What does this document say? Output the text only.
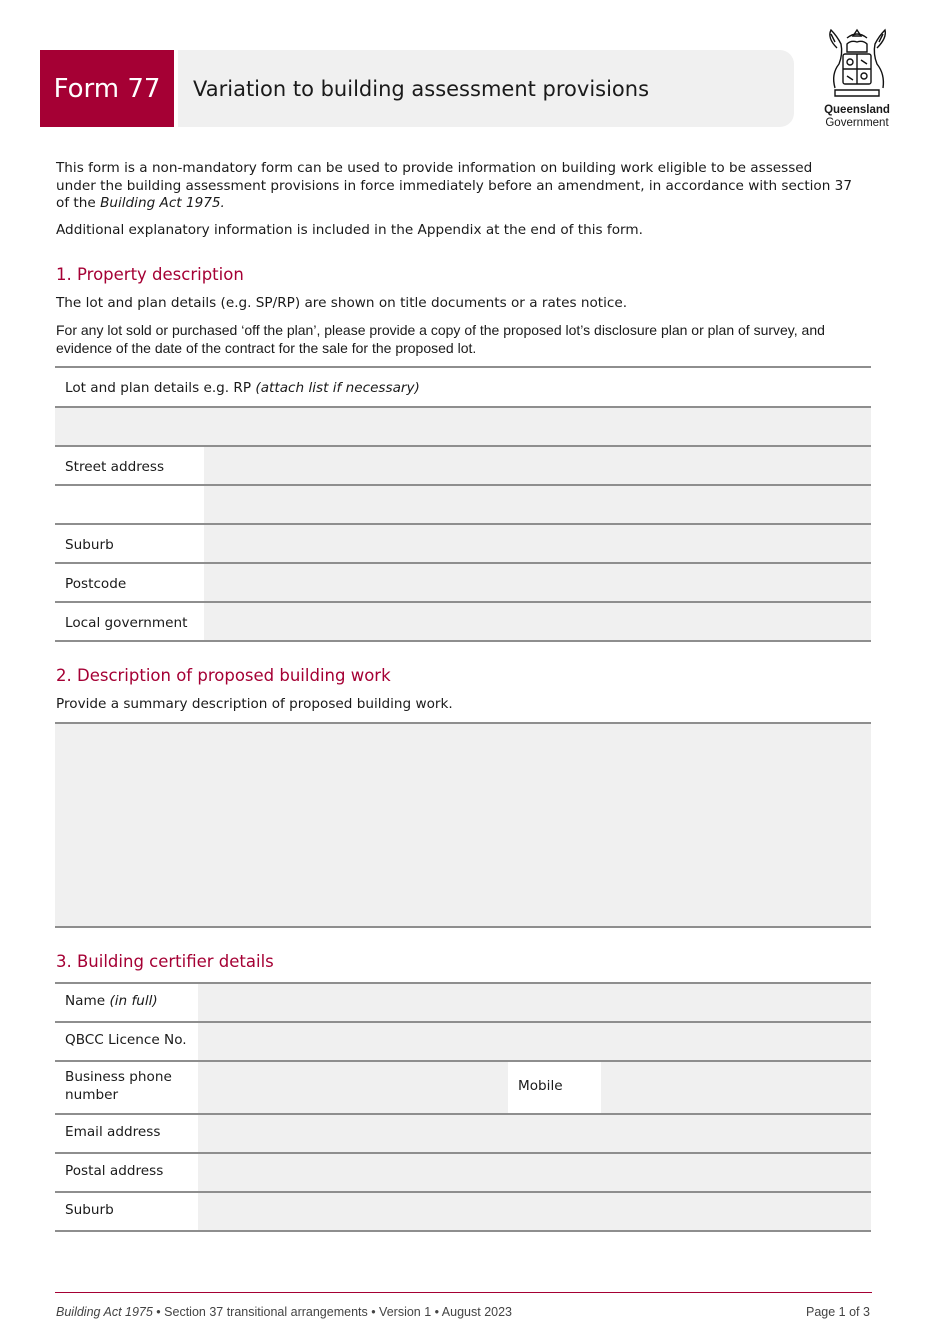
Form 77	Variation to building assessment provisions
Queensland
Government

This form is a non-mandatory form can be used to provide information on building work eligible to be assessed under the building assessment provisions in force immediately before an amendment, in accordance with section 37 of the Building Act 1975.

Additional explanatory information is included in the Appendix at the end of this form.

1. Property description

The lot and plan details (e.g. SP/RP) are shown on title documents or a rates notice.

For any lot sold or purchased ‘off the plan’, please provide a copy of the proposed lot’s disclosure plan or plan of survey, and evidence of the date of the contract for the sale for the proposed lot.

Lot and plan details e.g. RP (attach list if necessary)
Street address
Suburb
Postcode
Local government
2. Description of proposed building work

Provide a summary description of proposed building work.

3. Building certifier details
Name (in full)
QBCC Licence No.
Business phone number
Mobile
Email address
Postal address
Suburb
Building Act 1975 • Section 37 transitional arrangements • Version 1 • August 2023	Page 1 of 3
